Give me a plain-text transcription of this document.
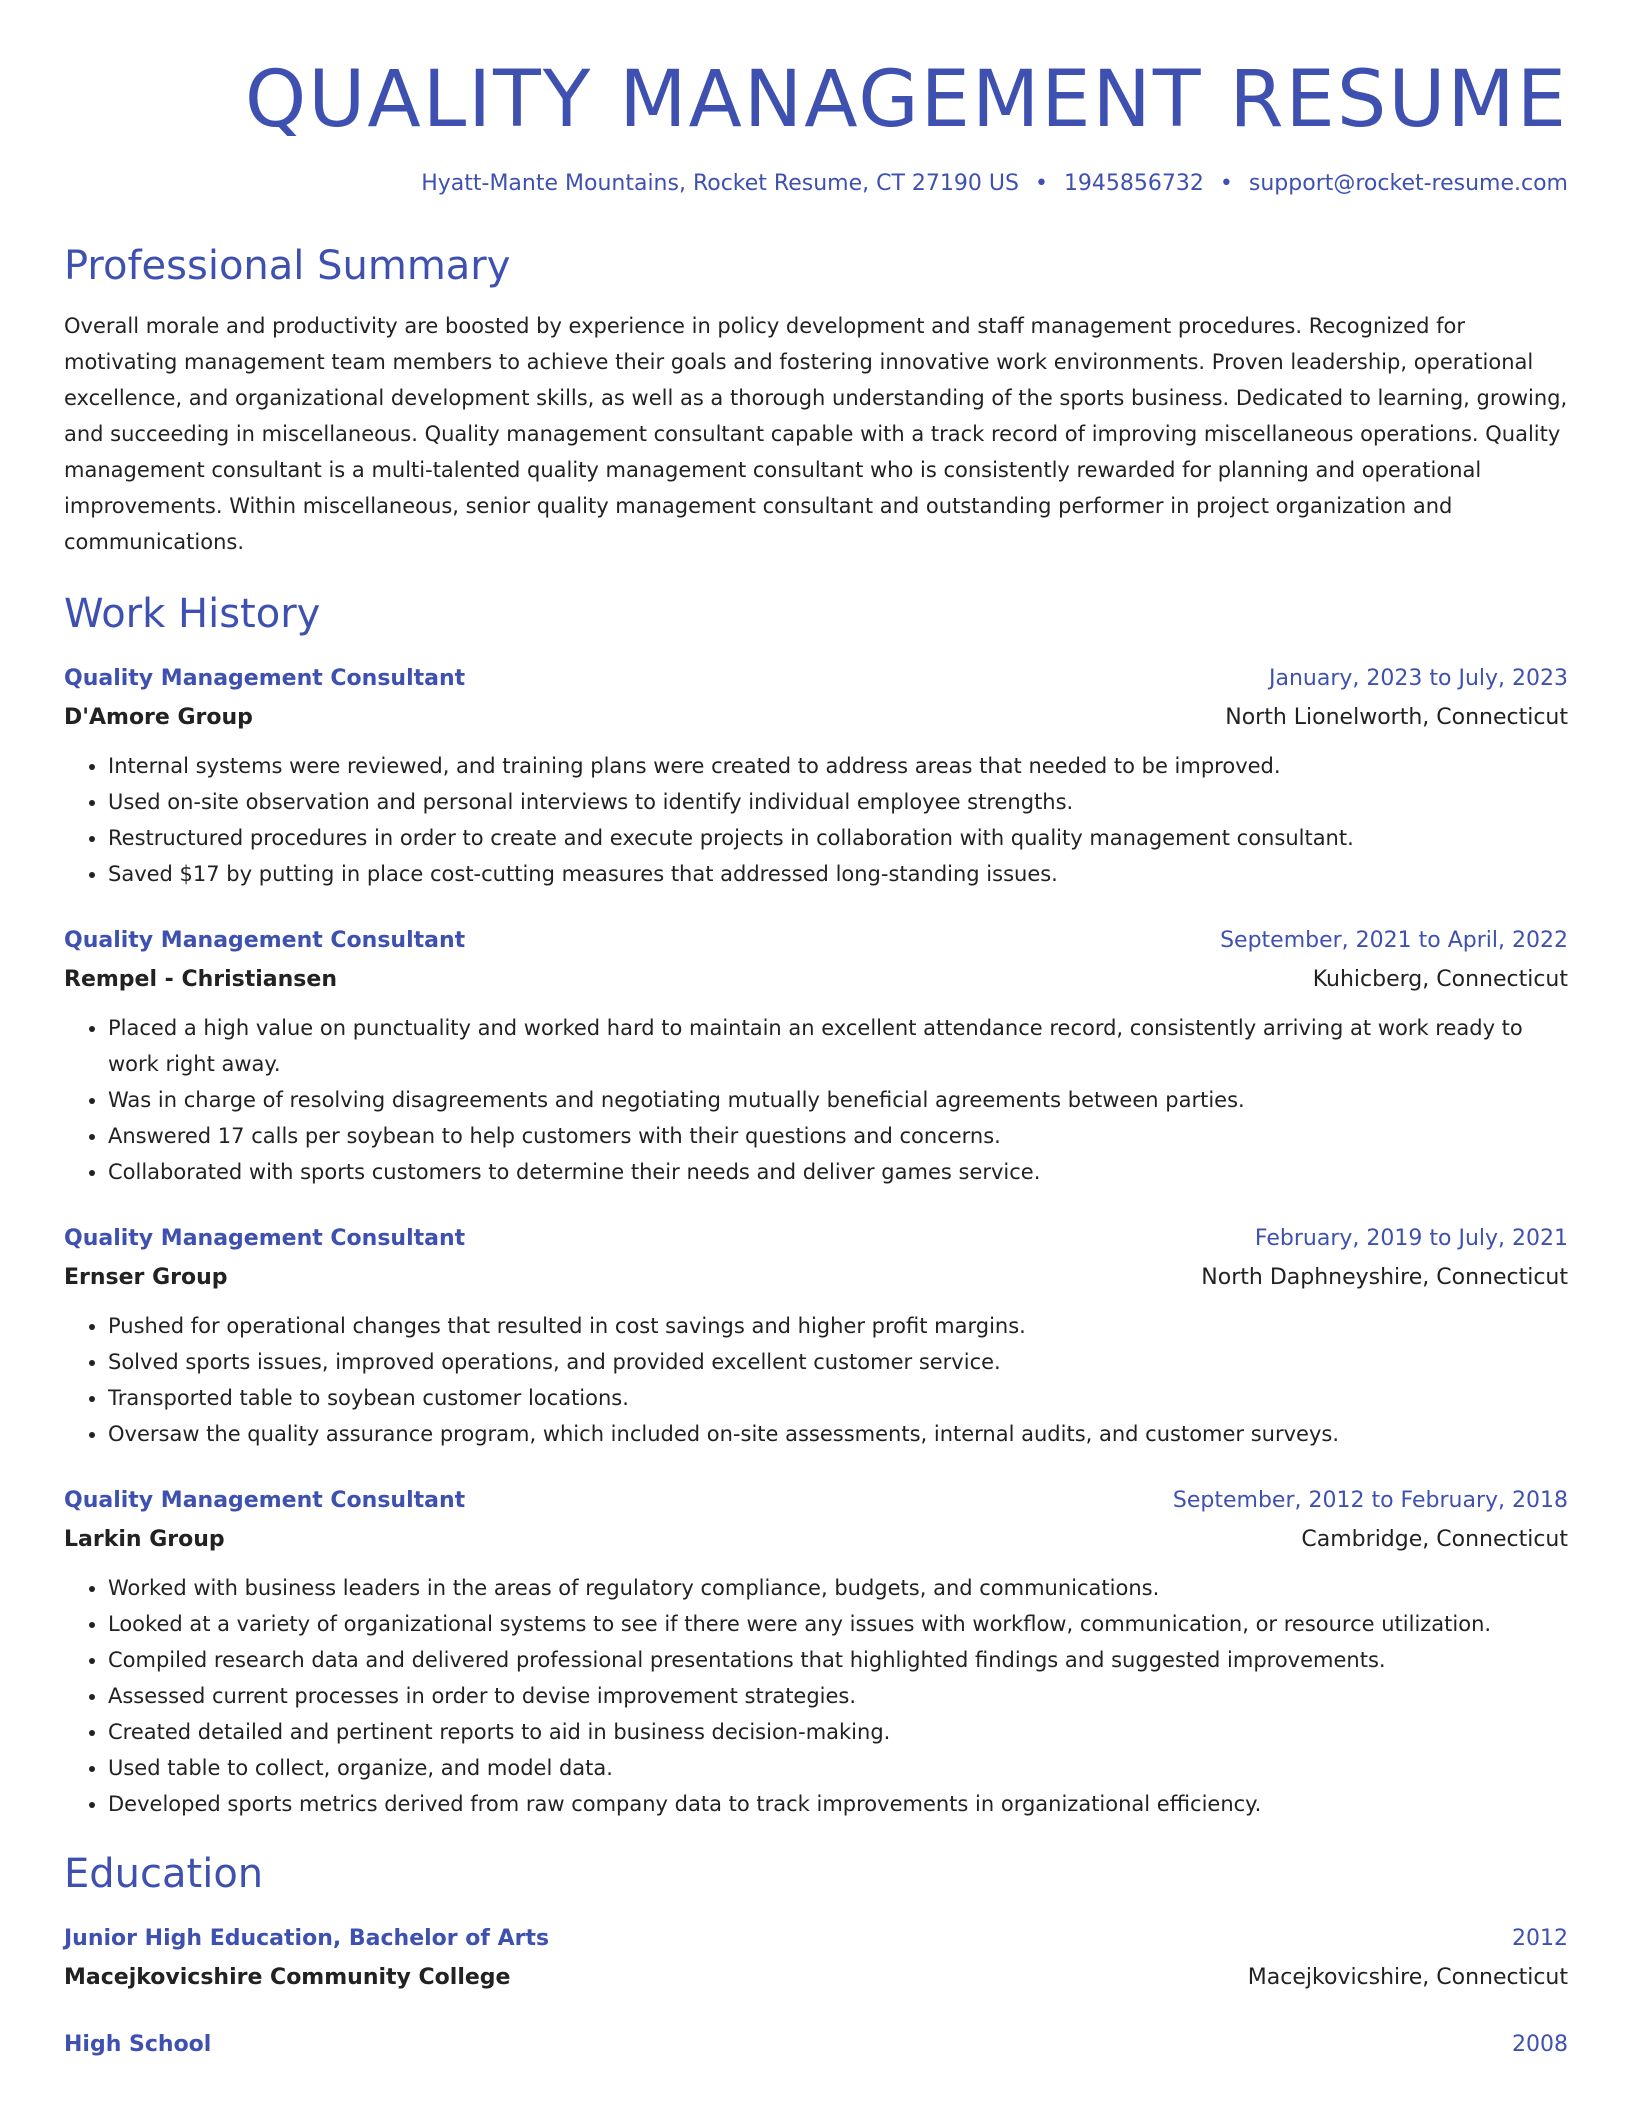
QUALITY MANAGEMENT RESUME
Hyatt-Mante Mountains, Rocket Resume, CT 27190 US • 1945856732 • support@rocket-resume.com
Professional Summary
Overall morale and productivity are boosted by experience in policy development and staff management procedures. Recognized for motivating management team members to achieve their goals and fostering innovative work environments. Proven leadership, operational excellence, and organizational development skills, as well as a thorough understanding of the sports business. Dedicated to learning, growing, and succeeding in miscellaneous. Quality management consultant capable with a track record of improving miscellaneous operations. Quality management consultant is a multi-talented quality management consultant who is consistently rewarded for planning and operational improvements. Within miscellaneous, senior quality management consultant and outstanding performer in project organization and communications.
Work History
Quality Management Consultant	January, 2023 to July, 2023
D'Amore Group	North Lionelworth, Connecticut
• Internal systems were reviewed, and training plans were created to address areas that needed to be improved.
• Used on-site observation and personal interviews to identify individual employee strengths.
• Restructured procedures in order to create and execute projects in collaboration with quality management consultant.
• Saved $17 by putting in place cost-cutting measures that addressed long-standing issues.
Quality Management Consultant	September, 2021 to April, 2022
Rempel - Christiansen	Kuhicberg, Connecticut
• Placed a high value on punctuality and worked hard to maintain an excellent attendance record, consistently arriving at work ready to work right away.
• Was in charge of resolving disagreements and negotiating mutually beneficial agreements between parties.
• Answered 17 calls per soybean to help customers with their questions and concerns.
• Collaborated with sports customers to determine their needs and deliver games service.
Quality Management Consultant	February, 2019 to July, 2021
Ernser Group	North Daphneyshire, Connecticut
• Pushed for operational changes that resulted in cost savings and higher profit margins.
• Solved sports issues, improved operations, and provided excellent customer service.
• Transported table to soybean customer locations.
• Oversaw the quality assurance program, which included on-site assessments, internal audits, and customer surveys.
Quality Management Consultant	September, 2012 to February, 2018
Larkin Group	Cambridge, Connecticut
• Worked with business leaders in the areas of regulatory compliance, budgets, and communications.
• Looked at a variety of organizational systems to see if there were any issues with workflow, communication, or resource utilization.
• Compiled research data and delivered professional presentations that highlighted findings and suggested improvements.
• Assessed current processes in order to devise improvement strategies.
• Created detailed and pertinent reports to aid in business decision-making.
• Used table to collect, organize, and model data.
• Developed sports metrics derived from raw company data to track improvements in organizational efficiency.
Education
Junior High Education, Bachelor of Arts	2012
Macejkovicshire Community College	Macejkovicshire, Connecticut
High School	2008
